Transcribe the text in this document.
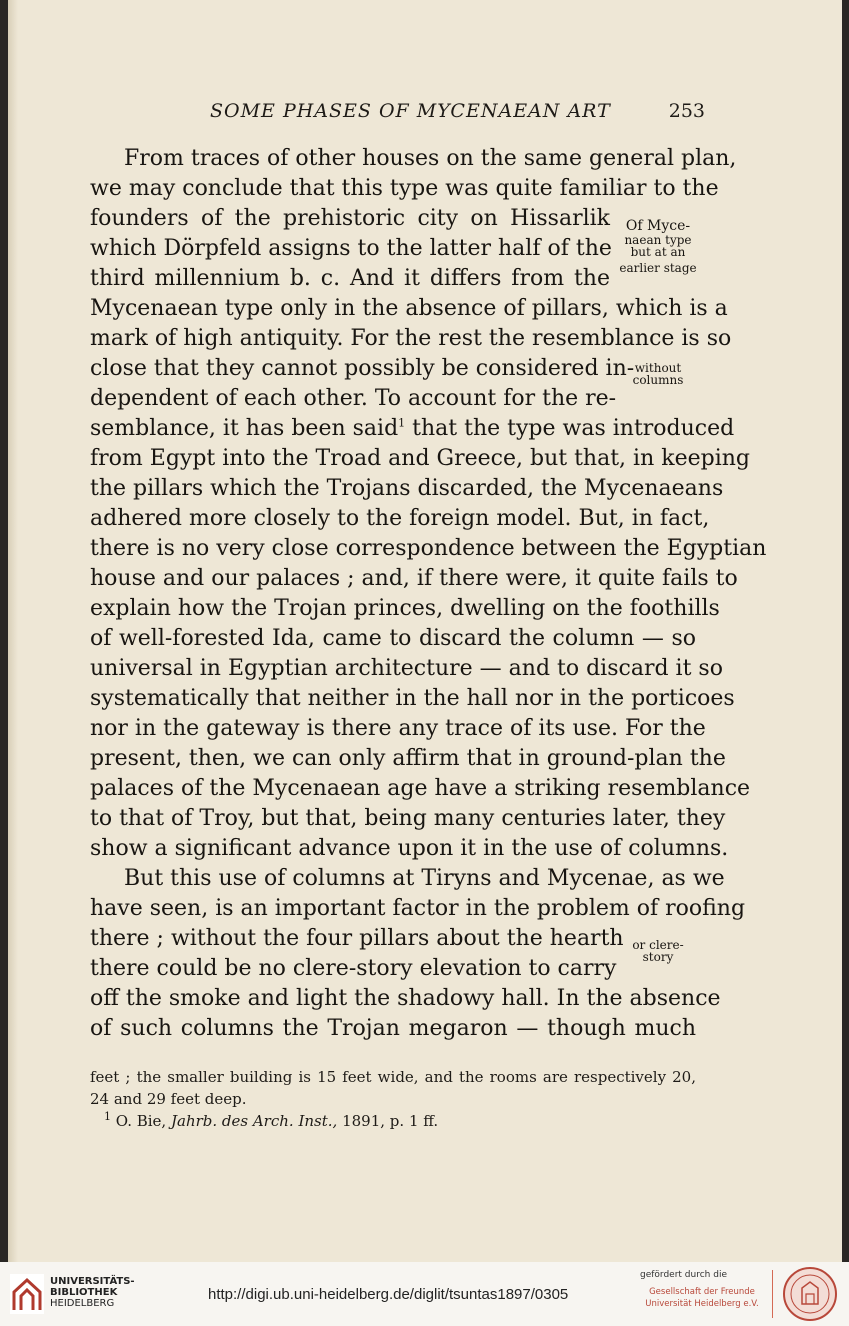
SOME PHASES OF MYCENAEAN ART	253
From traces of other houses on the same general plan,
we may conclude that this type was quite familiar to the
founders of the prehistoric city on Hissarlik
which Dörpfeld assigns to the latter half of the
third millennium b. c. And it differs from the
Mycenaean type only in the absence of pillars, which is a
mark of high antiquity. For the rest the resemblance is so
close that they cannot possibly be considered in-
dependent of each other. To account for the re-
semblance, it has been said$^1$ that the type was introduced
from Egypt into the Troad and Greece, but that, in keeping
the pillars which the Trojans discarded, the Mycenaeans
adhered more closely to the foreign model. But, in fact,
there is no very close correspondence between the Egyptian
house and our palaces ; and, if there were, it quite fails to
explain how the Trojan princes, dwelling on the foothills
of well-forested Ida, came to discard the column — so
universal in Egyptian architecture — and to discard it so
systematically that neither in the hall nor in the porticoes
nor in the gateway is there any trace of its use. For the
present, then, we can only affirm that in ground-plan the
palaces of the Mycenaean age have a striking resemblance
to that of Troy, but that, being many centuries later, they
show a significant advance upon it in the use of columns.
But this use of columns at Tiryns and Mycenae, as we
have seen, is an important factor in the problem of roofing
there ; without the four pillars about the hearth
there could be no clere-story elevation to carry
off the smoke and light the shadowy hall. In the absence
of such columns the Trojan megaron — though much
Of Myce-
naean type
but at an
earlier stage
without
columns
or clere-
story
feet ; the smaller building is 15 feet wide, and the rooms are respectively 20,
24 and 29 feet deep.
$^1$ O. Bie, Jahrb. des Arch. Inst., 1891, p. 1 ff.
UNIVERSITÄTS-
BIBLIOTHEK
HEIDELBERG
http://digi.ub.uni-heidelberg.de/diglit/tsuntas1897/0305
gefördert durch die
Gesellschaft der Freunde
Universität Heidelberg e.V.
